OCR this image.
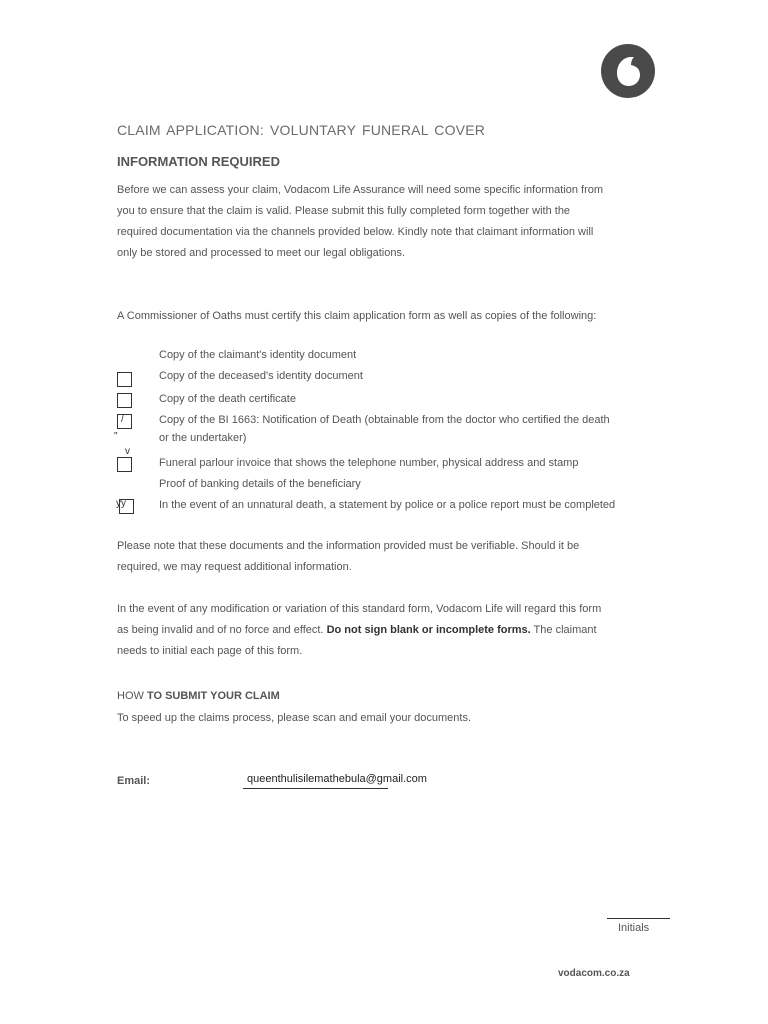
CLAIM APPLICATION: VOLUNTARY FUNERAL COVER
INFORMATION REQUIRED
Before we can assess your claim, Vodacom Life Assurance will need some specific information from you to ensure that the claim is valid. Please submit this fully completed form together with the required documentation via the channels provided below. Kindly note that claimant information will only be stored and processed to meet our legal obligations.
A Commissioner of Oaths must certify this claim application form as well as copies of the following:
Copy of the claimant's identity document
Copy of the deceased's identity document
Copy of the death certificate
/
"
Copy of the BI 1663: Notification of Death (obtainable from the doctor who certified the death or the undertaker)
v
Funeral parlour invoice that shows the telephone number, physical address and stamp
Proof of banking details of the beneficiary
yy	In the event of an unnatural death, a statement by police or a police report must be completed
Please note that these documents and the information provided must be verifiable. Should it be required, we may request additional information.
In the event of any modification or variation of this standard form, Vodacom Life will regard this form as being invalid and of no force and effect. Do not sign blank or incomplete forms. The claimant needs to initial each page of this form.
HOW TO SUBMIT YOUR CLAIM
To speed up the claims process, please scan and email your documents.
Email:	queenthulisilemathebula@gmail.com
Initials
vodacom.co.za
